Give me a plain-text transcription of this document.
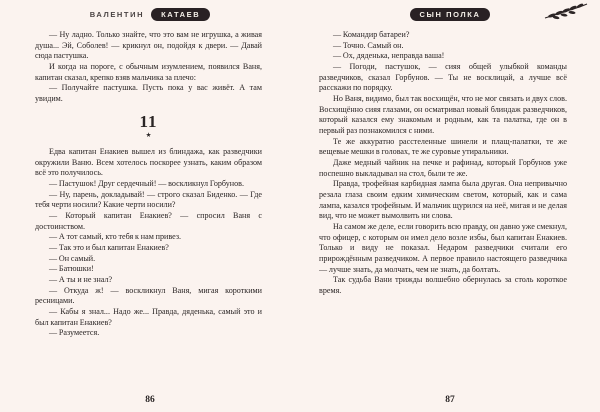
ВАЛЕНТИН	КАТАЕВ

— Ну ладно. Только знайте, что это вам не игрушка, а живая душа... Эй, Соболев! — крикнул он, подойдя к двери. — Давай сюда пастушка.

И когда на пороге, с обычным изумлением, появился Ваня, капитан сказал, крепко взяв мальчика за плечо:

— Получайте пастушка. Пусть пока у вас живёт. А там увидим.

11
★

Едва капитан Енакиев вышел из блиндажа, как разведчики окружили Ваню. Всем хотелось поскорее узнать, каким образом всё это получилось.

— Пастушок! Друг сердечный! — воскликнул Горбунов.

— Ну, парень, докладывай! — строго сказал Биденко. — Где тебя черти носили? Какие черти носили?

— Который капитан Енакиев? — спросил Ваня с достоинством.

— А тот самый, кто тебя к нам привез.

— Так это и был капитан Енакиев?

— Он самый.

— Батюшки!

— А ты и не знал?

— Откуда ж! — воскликнул Ваня, мигая короткими ресницами.

— Кабы я знал... Надо же... Правда, дяденька, самый это и был капитан Енакиев?

— Разумеется.

86
СЫН ПОЛКА

— Командир батареи?

— Точно. Самый он.

— Ох, дяденька, неправда ваша!

— Погоди, пастушок, — сияя общей улыбкой команды разведчиков, сказал Горбунов. — Ты не восклицай, а лучше всё расскажи по порядку.

Но Ваня, видимо, был так восхищён, что не мог связать и двух слов. Восхищённо сияя глазами, он осматривал новый блиндаж разведчиков, который казался ему знакомым и родным, как та палатка, где он в первый раз познакомился с ними.

Те же аккуратно расстеленные шинели и плащ-палатки, те же вещевые мешки в головах, те же суровые утиральники.

Даже медный чайник на печке и рафинад, который Горбунов уже поспешно выкладывал на стол, были те же.

Правда, трофейная карбидная лампа была другая. Она непривычно резала глаза своим едким химическим светом, который, как и сама лампа, казался трофейным. И мальчик щурился на неё, мигая и не делая вид, что не может вымолвить ни слова.

На самом же деле, если говорить всю правду, он давно уже смекнул, что офицер, с которым он имел дело возле избы, был капитан Енакиев. Только и виду не показал. Недаром разведчики считали его прирождённым разведчиком. А первое правило настоящего разведчика — лучше знать, да молчать, чем не знать, да болтать.

Так судьба Вани трижды волшебно обернулась за столь короткое время.

87
